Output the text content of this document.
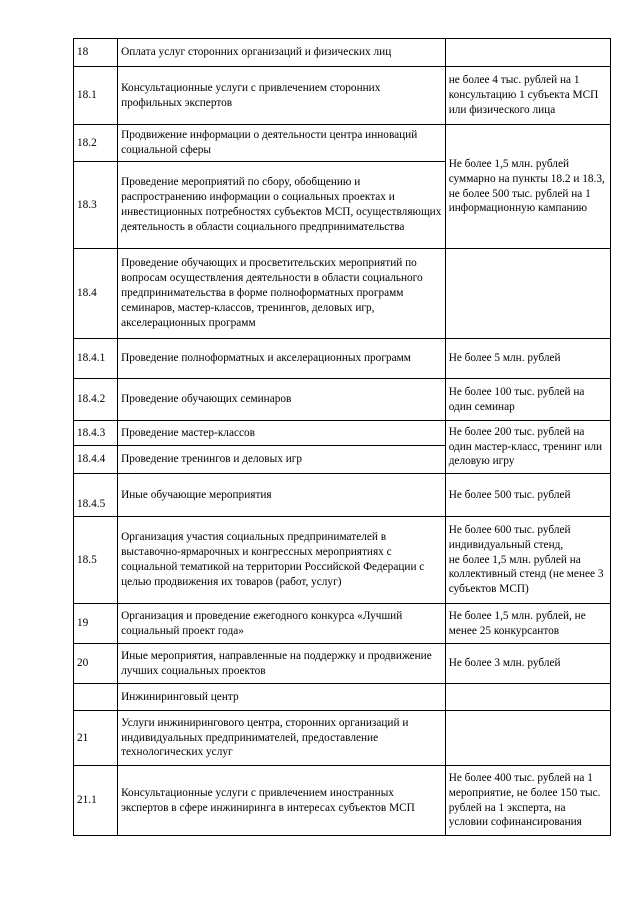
18	Оплата услуг сторонних организаций и физических лиц	
18.1	Консультационные услуги с привлечением сторонних профильных экспертов	не более 4 тыс. рублей на 1 консультацию 1 субъекта МСП или физического лица
18.2	Продвижение информации о деятельности центра инноваций социальной сферы	Не более 1,5 млн. рублей суммарно на пункты 18.2 и 18.3,
не более 500 тыс. рублей на 1 информационную кампанию
18.3	Проведение мероприятий по сбору, обобщению и распространению информации о социальных проектах и инвестиционных потребностях субъектов МСП, осуществляющих деятельность в области социального предпринимательства	
18.4	Проведение обучающих и просветительских мероприятий по вопросам осуществления деятельности в области социального предпринимательства в форме полноформатных программ семинаров, мастер-классов, тренингов, деловых игр, акселерационных программ	
18.4.1	Проведение полноформатных и акселерационных программ	Не более 5 млн. рублей
18.4.2	Проведение обучающих семинаров	Не более 100 тыс. рублей на один семинар
18.4.3	Проведение мастер-классов	Не более 200 тыс. рублей на один мастер-класс, тренинг или деловую игру
18.4.4	Проведение тренингов и деловых игр	
18.4.5	Иные обучающие мероприятия	Не более 500 тыс. рублей
18.5	Организация участия социальных предпринимателей в выставочно-ярмарочных и конгрессных мероприятиях с социальной тематикой на территории Российской Федерации с целью продвижения их товаров (работ, услуг)	Не более 600 тыс. рублей индивидуальный стенд,
не более 1,5 млн. рублей на коллективный стенд (не менее 3 субъектов МСП)
19	Организация и проведение ежегодного конкурса «Лучший социальный проект года»	Не более 1,5 млн. рублей, не менее 25 конкурсантов
20	Иные мероприятия, направленные на поддержку и продвижение лучших социальных проектов	Не более 3 млн. рублей
	Инжиниринговый центр	
21	Услуги инжинирингового центра, сторонних организаций и индивидуальных предпринимателей, предоставление технологических услуг	
21.1	Консультационные услуги с привлечением иностранных экспертов в сфере инжиниринга в интересах субъектов МСП	Не более 400 тыс. рублей на 1 мероприятие, не более 150 тыс. рублей на 1 эксперта, на условии софинансирования
